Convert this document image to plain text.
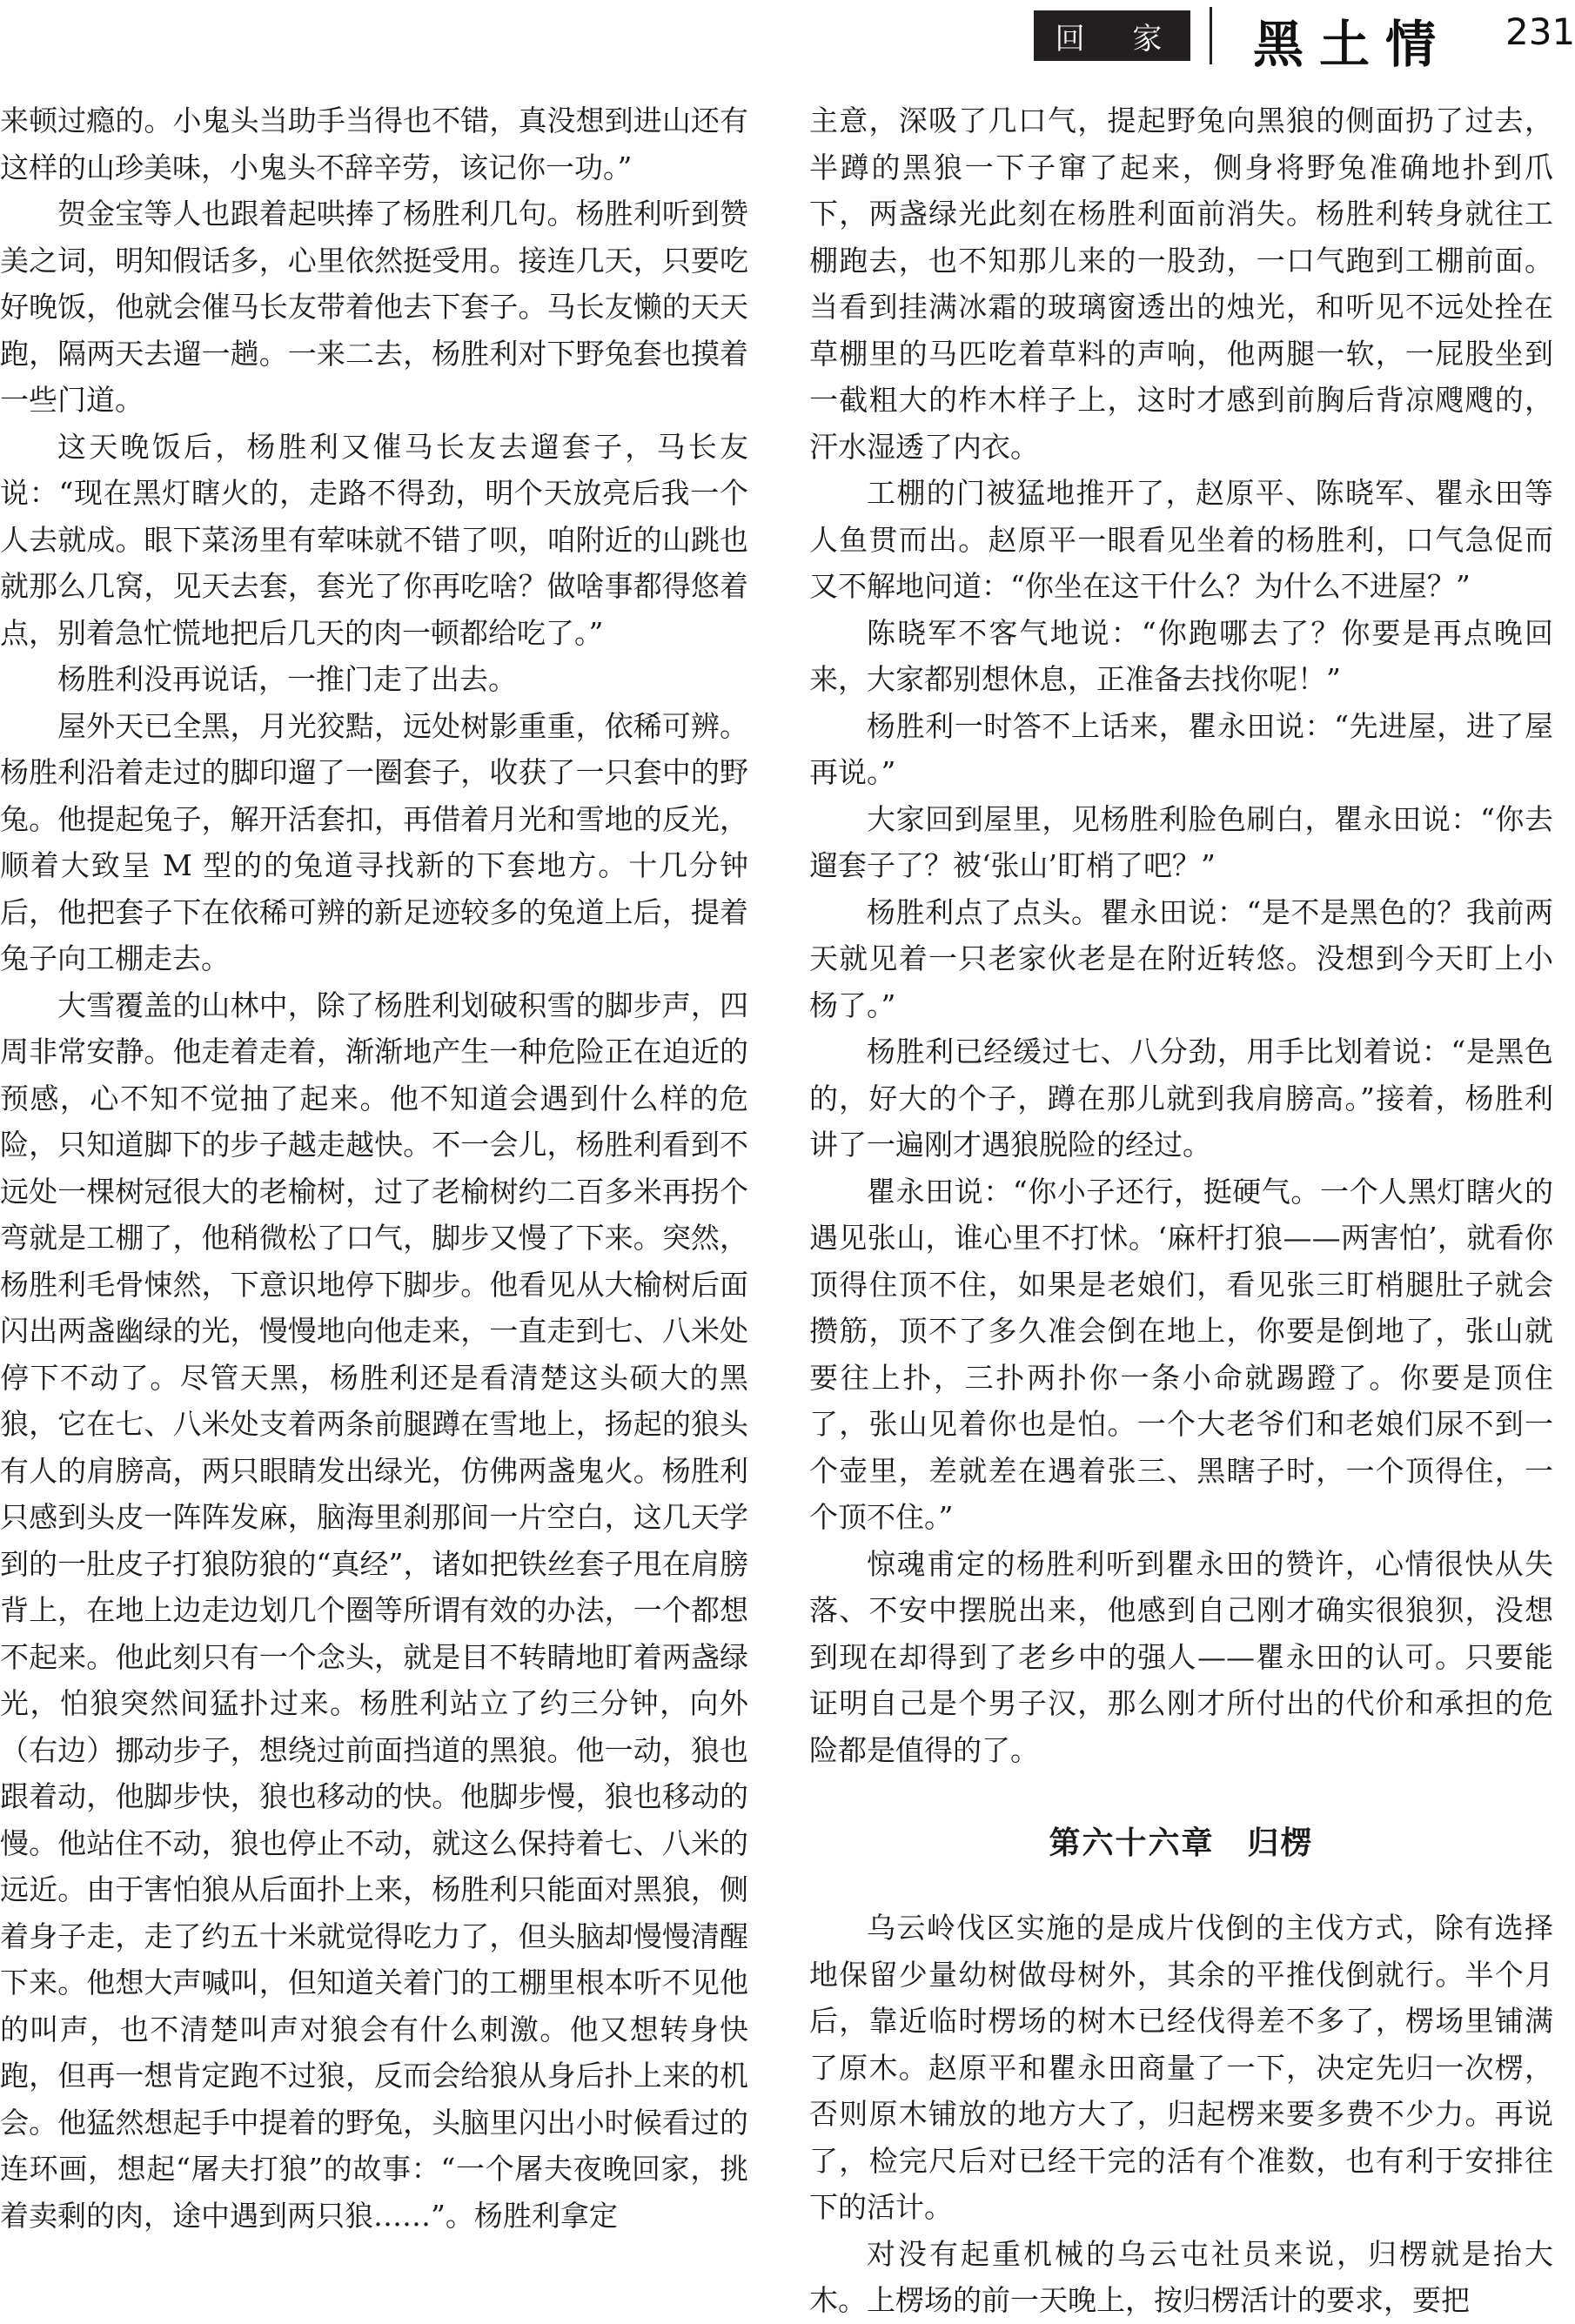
回 家 黑土情 231

来顿过瘾的。小鬼头当助手当得也不错，真没想到进山还有这样的山珍美味，小鬼头不辞辛劳，该记你一功。”

贺金宝等人也跟着起哄捧了杨胜利几句。杨胜利听到赞美之词，明知假话多，心里依然挺受用。接连几天，只要吃好晚饭，他就会催马长友带着他去下套子。马长友懒的天天跑，隔两天去遛一趟。一来二去，杨胜利对下野兔套也摸着一些门道。

这天晚饭后，杨胜利又催马长友去遛套子，马长友说：“现在黑灯瞎火的，走路不得劲，明个天放亮后我一个人去就成。眼下菜汤里有荤味就不错了呗，咱附近的山跳也就那么几窝，见天去套，套光了你再吃啥？做啥事都得悠着点，别着急忙慌地把后几天的肉一顿都给吃了。”

杨胜利没再说话，一推门走了出去。

屋外天已全黑，月光狡黠，远处树影重重，依稀可辨。杨胜利沿着走过的脚印遛了一圈套子，收获了一只套中的野兔。他提起兔子，解开活套扣，再借着月光和雪地的反光，顺着大致呈 M 型的的兔道寻找新的下套地方。十几分钟后，他把套子下在依稀可辨的新足迹较多的兔道上后，提着兔子向工棚走去。

大雪覆盖的山林中，除了杨胜利划破积雪的脚步声，四周非常安静。他走着走着，渐渐地产生一种危险正在迫近的预感，心不知不觉抽了起来。他不知道会遇到什么样的危险，只知道脚下的步子越走越快。不一会儿，杨胜利看到不远处一棵树冠很大的老榆树，过了老榆树约二百多米再拐个弯就是工棚了，他稍微松了口气，脚步又慢了下来。突然，杨胜利毛骨悚然，下意识地停下脚步。他看见从大榆树后面闪出两盏幽绿的光，慢慢地向他走来，一直走到七、八米处停下不动了。尽管天黑，杨胜利还是看清楚这头硕大的黑狼，它在七、八米处支着两条前腿蹲在雪地上，扬起的狼头有人的肩膀高，两只眼睛发出绿光，仿佛两盏鬼火。杨胜利只感到头皮一阵阵发麻，脑海里刹那间一片空白，这几天学到的一肚皮子打狼防狼的“真经”，诸如把铁丝套子甩在肩膀背上，在地上边走边划几个圈等所谓有效的办法，一个都想不起来。他此刻只有一个念头，就是目不转睛地盯着两盏绿光，怕狼突然间猛扑过来。杨胜利站立了约三分钟，向外（右边）挪动步子，想绕过前面挡道的黑狼。他一动，狼也跟着动，他脚步快，狼也移动的快。他脚步慢，狼也移动的慢。他站住不动，狼也停止不动，就这么保持着七、八米的远近。由于害怕狼从后面扑上来，杨胜利只能面对黑狼，侧着身子走，走了约五十米就觉得吃力了，但头脑却慢慢清醒下来。他想大声喊叫，但知道关着门的工棚里根本听不见他的叫声，也不清楚叫声对狼会有什么刺激。他又想转身快跑，但再一想肯定跑不过狼，反而会给狼从身后扑上来的机会。他猛然想起手中提着的野兔，头脑里闪出小时候看过的连环画，想起“屠夫打狼”的故事：“一个屠夫夜晚回家，挑着卖剩的肉，途中遇到两只狼……”。杨胜利拿定

主意，深吸了几口气，提起野兔向黑狼的侧面扔了过去，半蹲的黑狼一下子窜了起来，侧身将野兔准确地扑到爪下，两盏绿光此刻在杨胜利面前消失。杨胜利转身就往工棚跑去，也不知那儿来的一股劲，一口气跑到工棚前面。当看到挂满冰霜的玻璃窗透出的烛光，和听见不远处拴在草棚里的马匹吃着草料的声响，他两腿一软，一屁股坐到一截粗大的柞木样子上，这时才感到前胸后背凉飕飕的，汗水湿透了内衣。

工棚的门被猛地推开了，赵原平、陈晓军、瞿永田等人鱼贯而出。赵原平一眼看见坐着的杨胜利，口气急促而又不解地问道：“你坐在这干什么？为什么不进屋？”

陈晓军不客气地说：“你跑哪去了？你要是再点晚回来，大家都别想休息，正准备去找你呢！”

杨胜利一时答不上话来，瞿永田说：“先进屋，进了屋再说。”

大家回到屋里，见杨胜利脸色刷白，瞿永田说：“你去遛套子了？被‘张山’盯梢了吧？”

杨胜利点了点头。瞿永田说：“是不是黑色的？我前两天就见着一只老家伙老是在附近转悠。没想到今天盯上小杨了。”

杨胜利已经缓过七、八分劲，用手比划着说：“是黑色的，好大的个子，蹲在那儿就到我肩膀高。”接着，杨胜利讲了一遍刚才遇狼脱险的经过。

瞿永田说：“你小子还行，挺硬气。一个人黑灯瞎火的遇见张山，谁心里不打怵。‘麻杆打狼——两害怕’，就看你顶得住顶不住，如果是老娘们，看见张三盯梢腿肚子就会攒筋，顶不了多久准会倒在地上，你要是倒地了，张山就要往上扑，三扑两扑你一条小命就踢蹬了。你要是顶住了，张山见着你也是怕。一个大老爷们和老娘们尿不到一个壶里，差就差在遇着张三、黑瞎子时，一个顶得住，一个顶不住。”

惊魂甫定的杨胜利听到瞿永田的赞许，心情很快从失落、不安中摆脱出来，他感到自己刚才确实很狼狈，没想到现在却得到了老乡中的强人——瞿永田的认可。只要能证明自己是个男子汉，那么刚才所付出的代价和承担的危险都是值得的了。

第六十六章　归楞

乌云岭伐区实施的是成片伐倒的主伐方式，除有选择地保留少量幼树做母树外，其余的平推伐倒就行。半个月后，靠近临时楞场的树木已经伐得差不多了，楞场里铺满了原木。赵原平和瞿永田商量了一下，决定先归一次楞，否则原木铺放的地方大了，归起楞来要多费不少力。再说了，检完尺后对已经干完的活有个准数，也有利于安排往下的活计。

对没有起重机械的乌云屯社员来说，归楞就是抬大木。上楞场的前一天晚上，按归楞活计的要求，要把
